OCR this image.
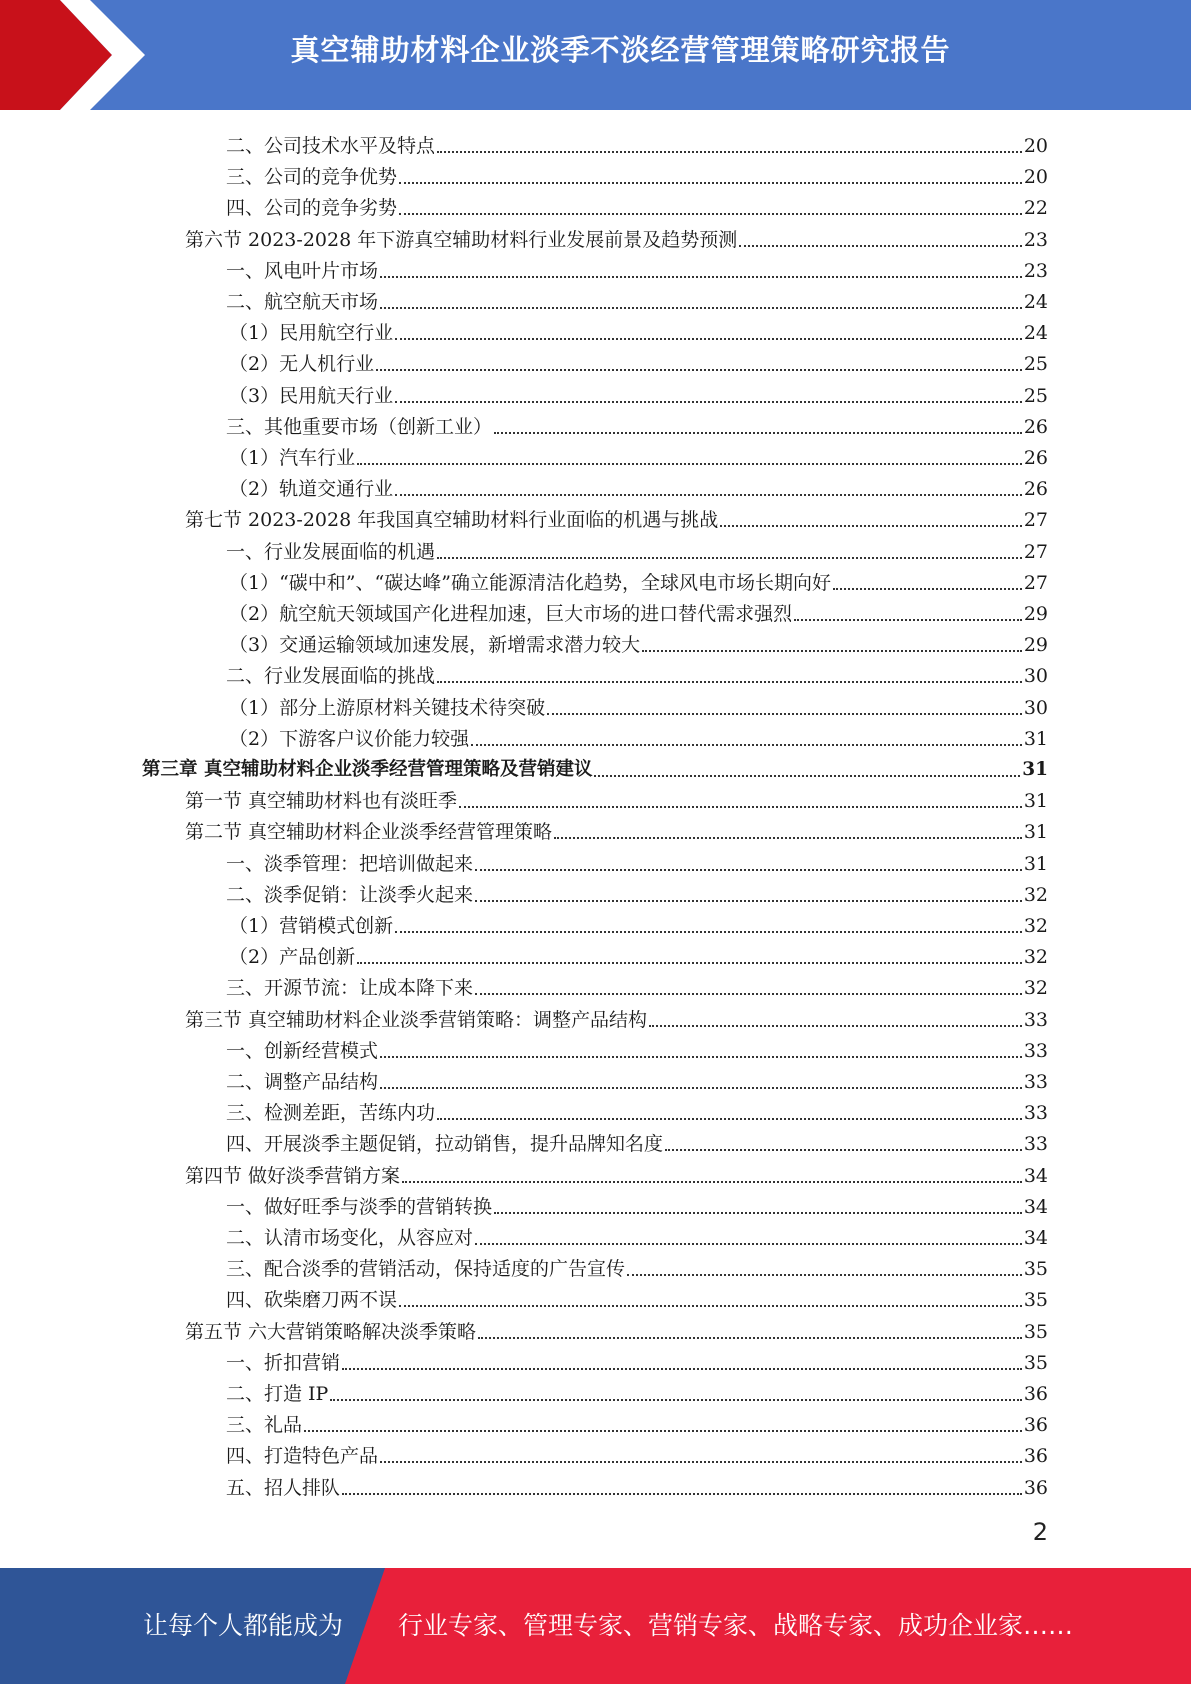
真空辅助材料企业淡季不淡经营管理策略研究报告
二、公司技术水平及特点	20
三、公司的竞争优势	20
四、公司的竞争劣势	22
第六节 2023-2028 年下游真空辅助材料行业发展前景及趋势预测	23
一、风电叶片市场	23
二、航空航天市场	24
（1）民用航空行业	24
（2）无人机行业	25
（3）民用航天行业	25
三、其他重要市场（创新工业）	26
（1）汽车行业	26
（2）轨道交通行业	26
第七节 2023-2028 年我国真空辅助材料行业面临的机遇与挑战	27
一、行业发展面临的机遇	27
（1）“碳中和”、“碳达峰”确立能源清洁化趋势，全球风电市场长期向好	27
（2）航空航天领域国产化进程加速，巨大市场的进口替代需求强烈	29
（3）交通运输领域加速发展，新增需求潜力较大	29
二、行业发展面临的挑战	30
（1）部分上游原材料关键技术待突破	30
（2）下游客户议价能力较强	31
第三章 真空辅助材料企业淡季经营管理策略及营销建议	31
第一节 真空辅助材料也有淡旺季	31
第二节 真空辅助材料企业淡季经营管理策略	31
一、淡季管理：把培训做起来	31
二、淡季促销：让淡季火起来	32
（1）营销模式创新	32
（2）产品创新	32
三、开源节流：让成本降下来	32
第三节 真空辅助材料企业淡季营销策略：调整产品结构	33
一、创新经营模式	33
二、调整产品结构	33
三、检测差距，苦练内功	33
四、开展淡季主题促销，拉动销售，提升品牌知名度	33
第四节 做好淡季营销方案	34
一、做好旺季与淡季的营销转换	34
二、认清市场变化，从容应对	34
三、配合淡季的营销活动，保持适度的广告宣传	35
四、砍柴磨刀两不误	35
第五节 六大营销策略解决淡季策略	35
一、折扣营销	35
二、打造 IP	36
三、礼品	36
四、打造特色产品	36
五、招人排队	36
2
让每个人都能成为 行业专家、管理专家、营销专家、战略专家、成功企业家……
